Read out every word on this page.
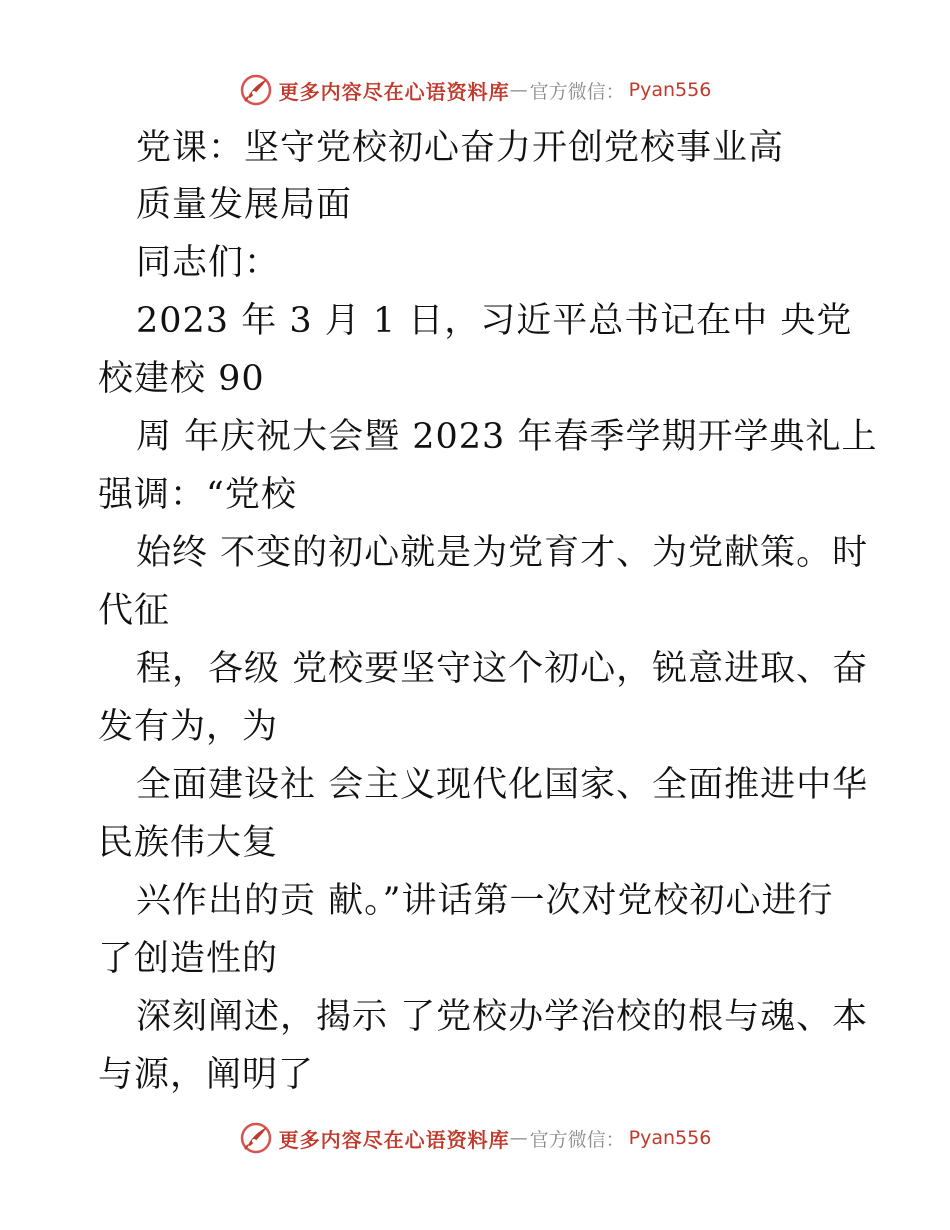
更多内容尽在心语资料库 — 官方微信： Pyan556
党课：坚守党校初心奋力开创党校事业高
质量发展局面
同志们：
2023 年 3 月 1 日，习近平总书记在中 央党
校建校 90
周 年庆祝大会暨 2023 年春季学期开学典礼上
强调：“党校
始终 不变的初心就是为党育才、为党献策。时
代征
程，各级 党校要坚守这个初心，锐意进取、奋
发有为，为
全面建设社 会主义现代化国家、全面推进中华
民族伟大复
兴作出的贡 献。”讲话第一次对党校初心进行
了创造性的
深刻阐述，揭示 了党校办学治校的根与魂、本
与源，阐明了
更多内容尽在心语资料库 — 官方微信： Pyan556
